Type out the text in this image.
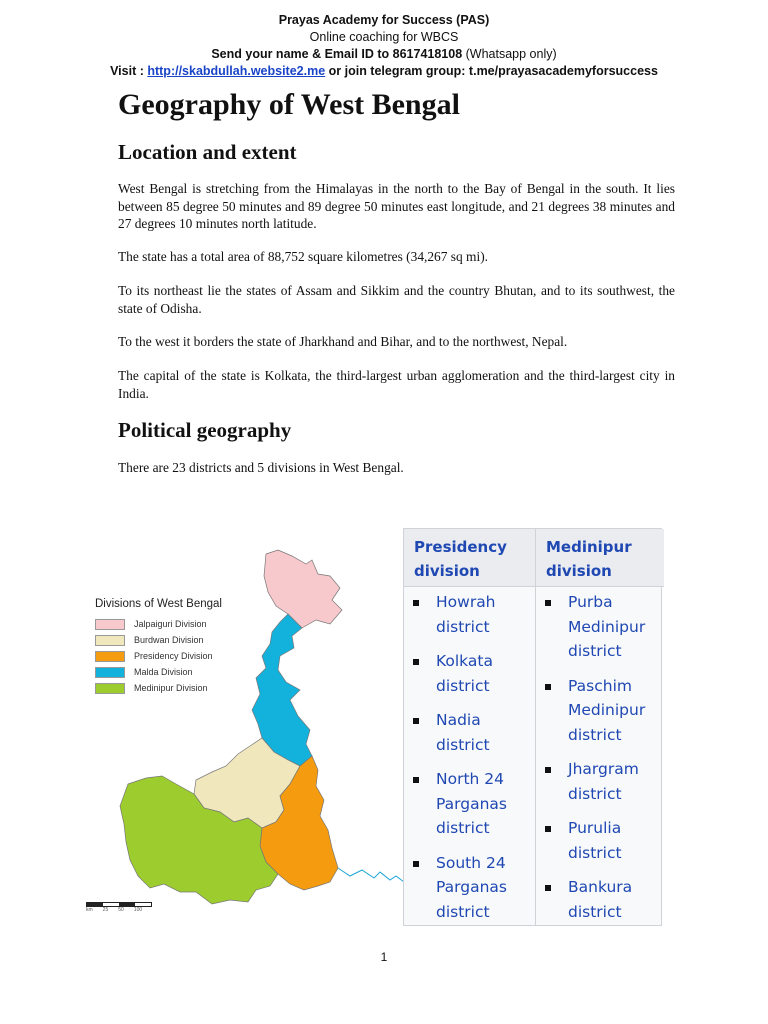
Prayas Academy for Success (PAS)
Online coaching for WBCS
Send your name & Email ID to 8617418108 (Whatsapp only)
Visit : http://skabdullah.website2.me or join telegram group: t.me/prayasacademyforsuccess
Geography of West Bengal
Location and extent

West Bengal is stretching from the Himalayas in the north to the Bay of Bengal in the south. It lies between 85 degree 50 minutes and 89 degree 50 minutes east longitude, and 21 degrees 38 minutes and 27 degrees 10 minutes north latitude.

The state has a total area of 88,752 square kilometres (34,267 sq mi).

To its northeast lie the states of Assam and Sikkim and the country Bhutan, and to its southwest, the state of Odisha.

To the west it borders the state of Jharkhand and Bihar, and to the northwest, Nepal.

The capital of the state is Kolkata, the third-largest urban agglomeration and the third-largest city in India.

Political geography

There are 23 districts and 5 divisions in West Bengal.

Divisions of West Bengal
Jalpaiguri Division
Burdwan Division
Presidency Division
Malda Division
Medinipur Division
km 25 50 100
Presidency
division
Howrah
district
Kolkata
district
Nadia
district
North 24
Parganas
district
South 24
Parganas
district
Medinipur
division
Purba
Medinipur
district
Paschim
Medinipur
district
Jhargram
district
Purulia
district
Bankura
district
1
